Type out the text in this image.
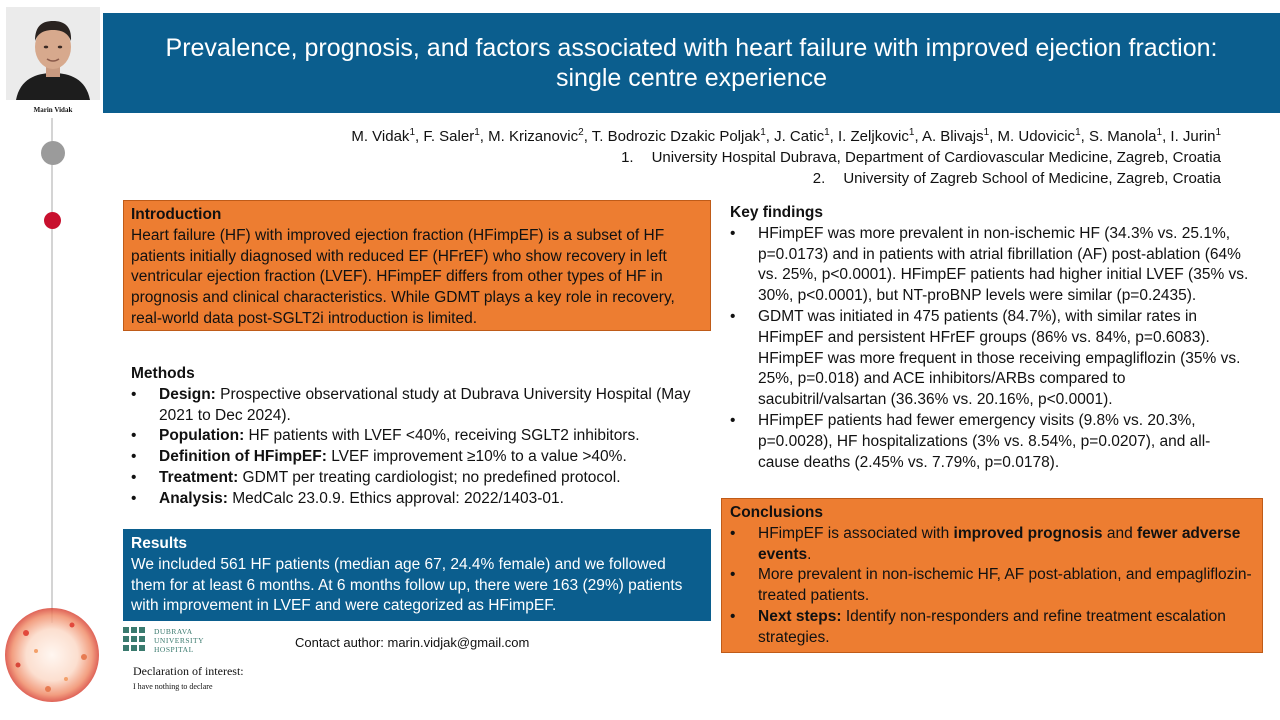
Marin Vidak
Prevalence, prognosis, and factors associated with heart failure with improved ejection fraction: single centre experience
M. Vidak$^1$, F. Saler$^1$, M. Krizanovic$^2$, T. Bodrozic Dzakic Poljak$^1$, J. Catic$^1$, I. Zeljkovic$^1$, A. Blivajs$^1$, M. Udovicic$^1$, S. Manola$^1$, I. Jurin$^1$
1. University Hospital Dubrava, Department of Cardiovascular Medicine, Zagreb, Croatia
2. University of Zagreb School of Medicine, Zagreb, Croatia
Introduction

Heart failure (HF) with improved ejection fraction (HFimpEF) is a subset of HF patients initially diagnosed with reduced EF (HFrEF) who show recovery in left ventricular ejection fraction (LVEF). HFimpEF differs from other types of HF in prognosis and clinical characteristics. While GDMT plays a key role in recovery, real-world data post-SGLT2i introduction is limited.

Methods
• Design: Prospective observational study at Dubrava University Hospital (May 2021 to Dec 2024).
• Population: HF patients with LVEF <40%, receiving SGLT2 inhibitors.
• Definition of HFimpEF: LVEF improvement ≥10% to a value >40%.
• Treatment: GDMT per treating cardiologist; no predefined protocol.
• Analysis: MedCalc 23.0.9. Ethics approval: 2022/1403-01.
Results

We included 561 HF patients (median age 67, 24.4% female) and we followed them for at least 6 months. At 6 months follow up, there were 163 (29%) patients with improvement in LVEF and were categorized as HFimpEF.

Contact author: marin.vidjak@gmail.com
Key findings
• HFimpEF was more prevalent in non-ischemic HF (34.3% vs. 25.1%, p=0.0173) and in patients with atrial fibrillation (AF) post-ablation (64% vs. 25%, p<0.0001). HFimpEF patients had higher initial LVEF (35% vs. 30%, p<0.0001), but NT-proBNP levels were similar (p=0.2435).
• GDMT was initiated in 475 patients (84.7%), with similar rates in HFimpEF and persistent HFrEF groups (86% vs. 84%, p=0.6083). HFimpEF was more frequent in those receiving empagliflozin (35% vs. 25%, p=0.018) and ACE inhibitors/ARBs compared to sacubitril/valsartan (36.36% vs. 20.16%, p<0.0001).
• HFimpEF patients had fewer emergency visits (9.8% vs. 20.3%, p=0.0028), HF hospitalizations (3% vs. 8.54%, p=0.0207), and all-cause deaths (2.45% vs. 7.79%, p=0.0178).
Conclusions
• HFimpEF is associated with improved prognosis and fewer adverse events.
• More prevalent in non-ischemic HF, AF post-ablation, and empagliflozin-treated patients.
• Next steps: Identify non-responders and refine treatment escalation strategies.
DUBRAVA
UNIVERSITY
HOSPITAL
Declaration of interest:
I have nothing to declare
